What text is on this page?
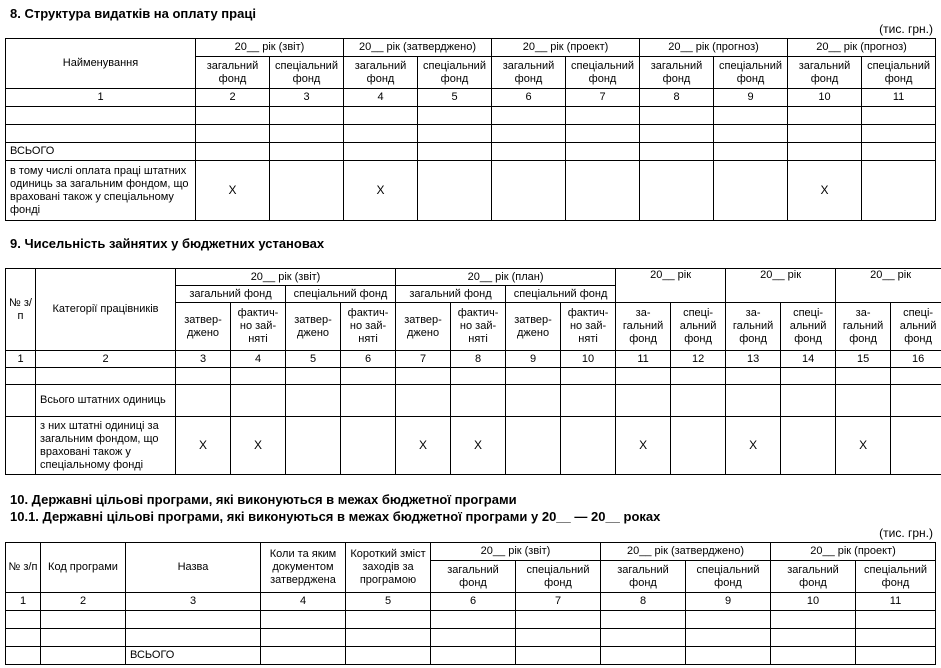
8. Структура видатків на оплату праці
(тис. грн.)
Найменування	20__ рік (звіт)		20__ рік (затверджено)		20__ рік (проект)		20__ рік (прогноз)		20__ рік (прогноз)	
	загальний фонд	спеціальний фонд	загальний фонд	спеціальний фонд	загальний фонд	спеціальний фонд	загальний фонд	спеціальний фонд	загальний фонд	спеціальний фонд
1	2	3	4	5	6	7	8	9	10	11

ВСЬОГО										
в тому числі оплата праці штатних одиниць за загальним фондом, що враховані також у спеціальному фонді	X		X						X	
9. Чисельність зайнятих у бюджетних установах
№ з/п	Категорії працівників	20__ рік (звіт)				20__ рік (план)				20__ рік		20__ рік		20__ рік	
		загальний фонд		спеціальний фонд		загальний фонд		спеціальний фонд							
		затвер-дженo	фактич-но зай-няті	затвер-дженo	фактич-но зай-няті	затвер-дженo	фактич-но зай-няті	затвер-дженo	фактич-но зай-няті	за-гальний фонд	спеці-альний фонд	за-гальний фонд	спеці-альний фонд	за-гальний фонд	спеці-альний фонд
1	2	3	4	5	6	7	8	9	10	11	12	13	14	15	16

	Всього штатних одиниць														
	з них штатні одиниці за загальним фондом, що враховані також у спеціальному фонді	X	X			X	X			X		X		X	
10. Державні цільові програми, які виконуються в межах бюджетної програми
10.1. Державні цільові програми, які виконуються в межах бюджетної програми у 20__ — 20__ роках
(тис. грн.)
№ з/п	Код програми	Назва	Коли та яким документом затверджена	Короткий зміст заходів за програмою	20__ рік (звіт)		20__ рік (затверджено)		20__ рік (проект)	
					загальний фонд	спеціальний фонд	загальний фонд	спеціальний фонд	загальний фонд	спеціальний фонд
1	2	3	4	5	6	7	8	9	10	11

		ВСЬОГО								
